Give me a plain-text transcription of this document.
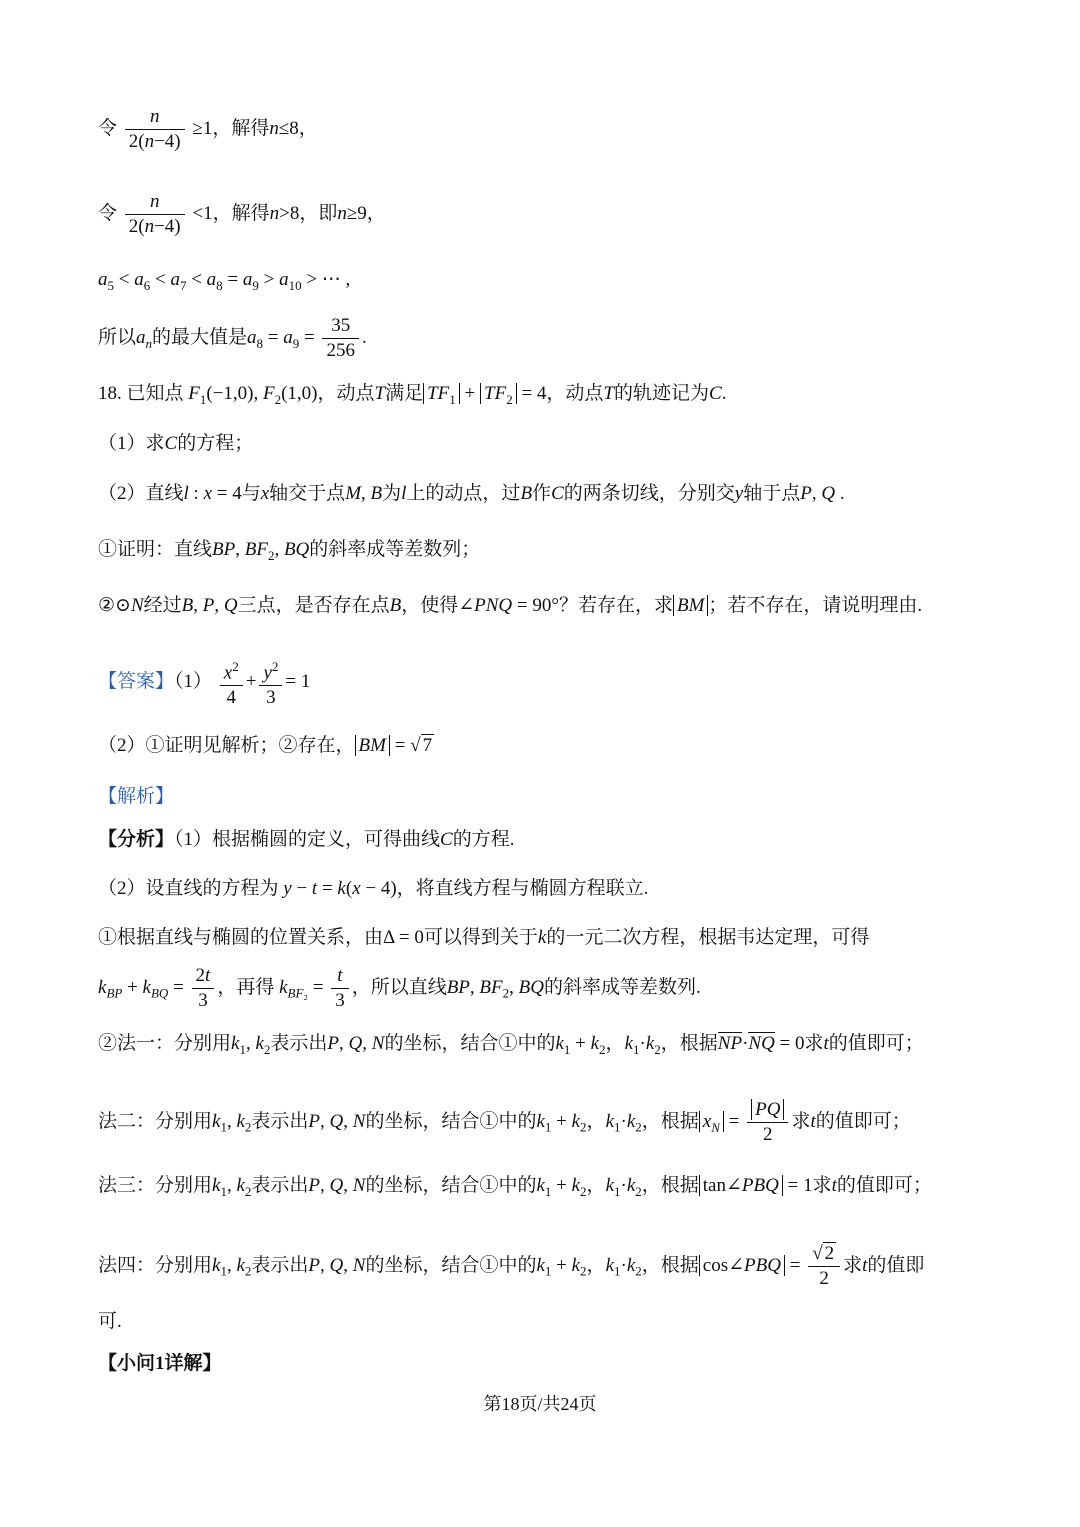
令 $\frac{n}{2(n-4)} \ge 1$，解得n≤8，
令 $\frac{n}{2(n-4)} <1$，解得n>8，即n≥9，
$a_5 < a_6 < a_7 < a_8 = a_9 > a_{10}$ > ⋯ ,
所以$a_n$的最大值是$a_8 = a_9 = \frac{35}{256}$ .
18. 已知点 $F_1(-1,0)$, $F_2(1,0)$，动点T满足 $TF_1 + TF_2 = 4$，动点T的轨迹记为C.
（1）求C的方程；
（2）直线l : x = 4与x轴交于点M, B为l上的动点，过B作C的两条切线，分别交y轴于点P, Q .
①证明：直线BP, $BF_2$, BQ的斜率成等差数列；
②⊙N经过B, P, Q三点，是否存在点B，使得∠PNQ = 90°？若存在，求 BM ；若不存在，请说明理由.
【答案】$(1) \frac{x^2}{4} + \frac{y^2}{3} = 1$
（2）①证明见解析；②存在， BM = √ 7
【解析】
【分析】（1）根据椭圆的定义，可得曲线C的方程.
（2）设直线的方程为 y − t = k(x − 4)，将直线方程与椭圆方程联立.
①根据直线与椭圆的位置关系，由Δ = 0可以得到关于k的一元二次方程，根据韦达定理，可得
$k_{BP} + k_{BQ} = \frac{2t}{3}$ ，再得 $k_{BF_2} = \frac{t}{3}$ ，所以直线BP, $BF_2$, BQ的斜率成等差数列.
②法一：分别用$k_1$, $k_2$表示出P, Q, N的坐标，结合①中的$k_1 + k_2$，$k_1\cdot k_2$，根据NP·NQ = 0求t的值即可；
法二：分别用$k_1$, $k_2$表示出P, Q, N的坐标，结合①中的$k_1 + k_2$，$k_1\cdot k_2$，根据 $x_N = \frac{PQ}{2}$ 求t的值即可；
法三：分别用$k_1$, $k_2$表示出P, Q, N的坐标，结合①中的$k_1 + k_2$，$k_1\cdot k_2$，根据 tan∠PBQ = 1求t的值即可；
法四：分别用$k_1$, $k_2$表示出P, Q, N的坐标，结合①中的$k_1 + k_2$，$k_1\cdot k_2$，根据 cos∠PBQ = $\frac{√ 2}{2}$ 求t的值即
可.
【小问1详解】
第18页/共24页
